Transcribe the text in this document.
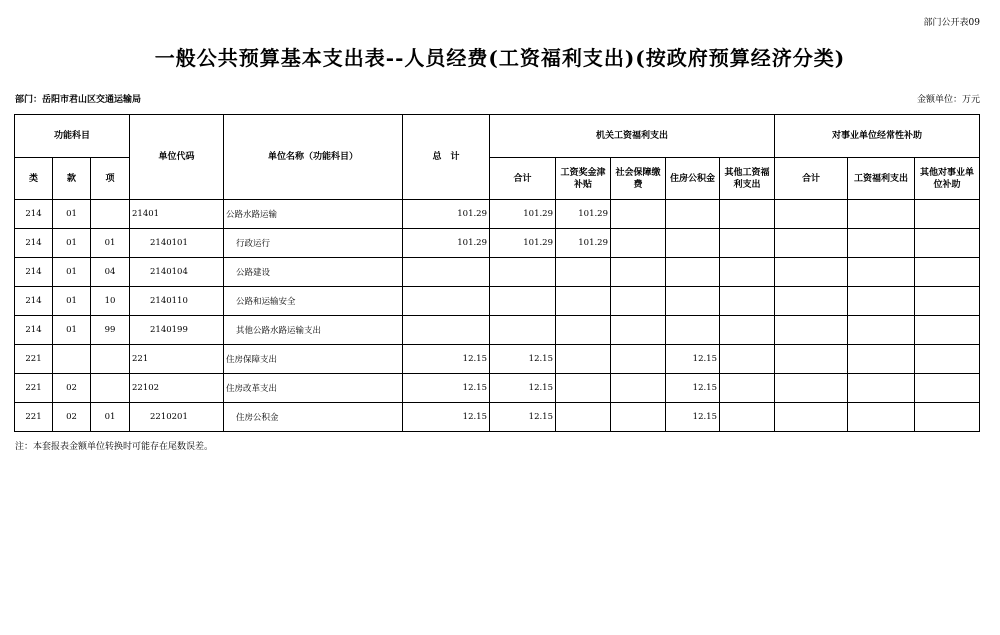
部门公开表09
一般公共预算基本支出表--人员经费(工资福利支出)(按政府预算经济分类)
部门：岳阳市君山区交通运输局	金额单位：万元
功能科目			单位代码	单位名称（功能科目）	总　计	机关工资福利支出					对事业单位经常性补助		
类	款	项				合计	工资奖金津补贴	社会保障缴费	住房公积金	其他工资福利支出	合计	工资福利支出	其他对事业单位补助
214	01		21401	公路水路运输	101.29	101.29	101.29						
214	01	01	2140101	行政运行	101.29	101.29	101.29						
214	01	04	2140104	公路建设									
214	01	10	2140110	公路和运输安全									
214	01	99	2140199	其他公路水路运输支出									
221			221	住房保障支出	12.15	12.15			12.15				
221	02		22102	住房改革支出	12.15	12.15			12.15				
221	02	01	2210201	住房公积金	12.15	12.15			12.15				
注：本套报表金额单位转换时可能存在尾数误差。
